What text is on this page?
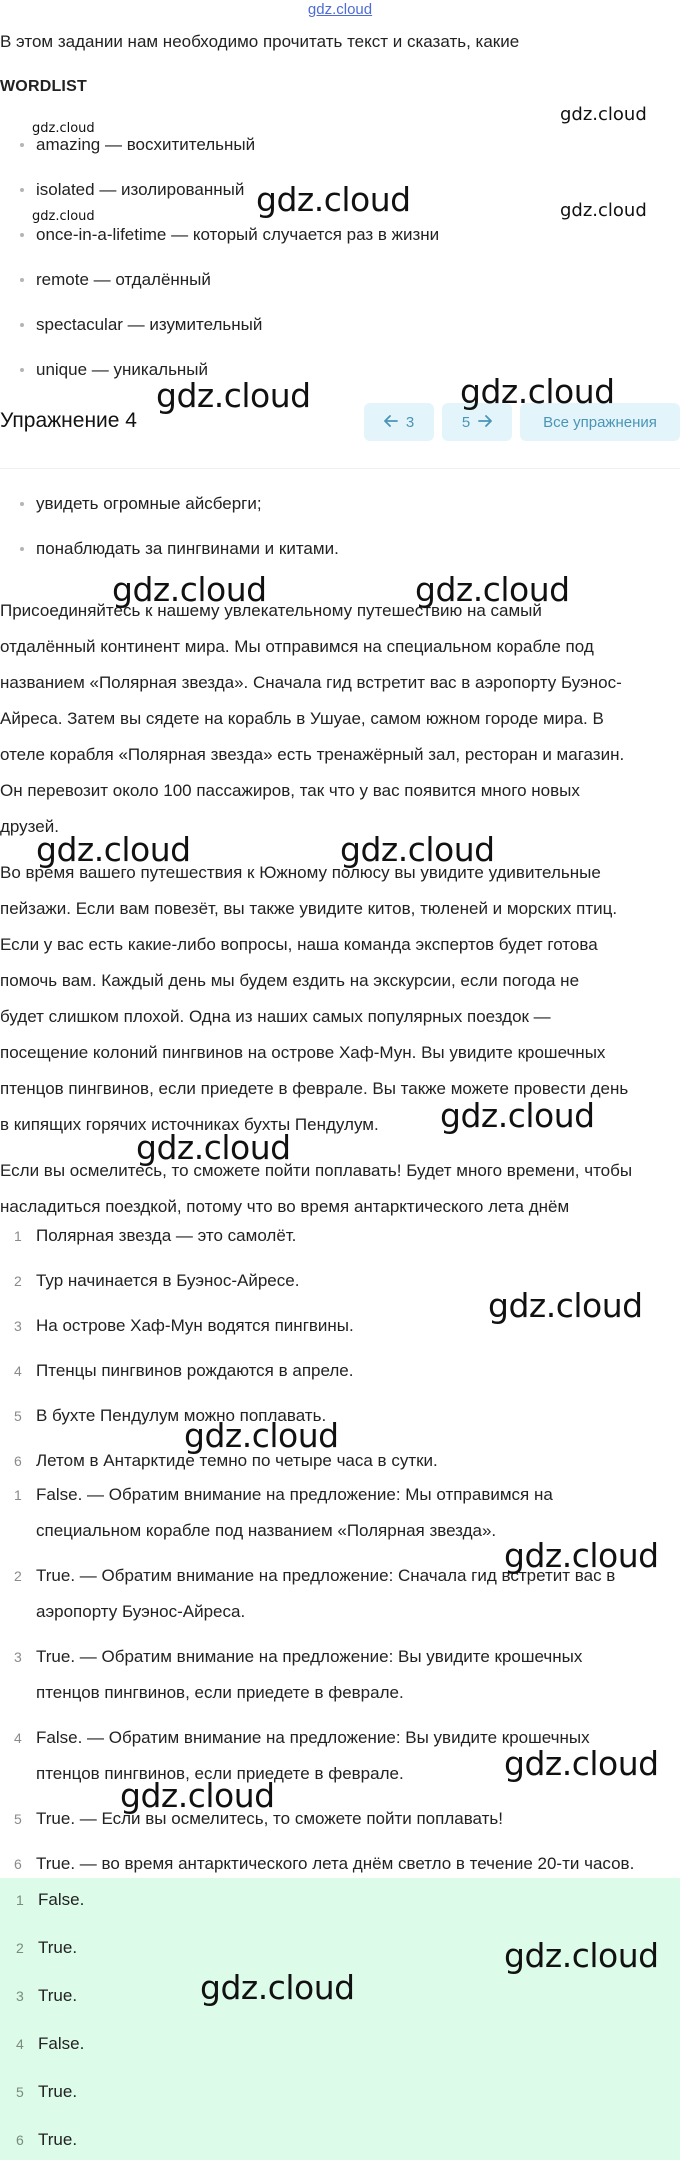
gdz.cloud
В этом задании нам необходимо прочитать текст и сказать, какие
WORDLIST
amazing — восхитительный
isolated — изолированный
once-in-a-lifetime — который случается раз в жизни
remote — отдалённый
spectacular — изумительный
unique — уникальный
Упражнение 4	3	5	Все упражнения
увидеть огромные айсберги;
понаблюдать за пингвинами и китами.
Присоединяйтесь к нашему увлекательному путешествию на самый
отдалённый континент мира. Мы отправимся на специальном корабле под
названием «Полярная звезда». Сначала гид встретит вас в аэропорту Буэнос-
Айреса. Затем вы сядете на корабль в Ушуае, самом южном городе мира. В
отеле корабля «Полярная звезда» есть тренажёрный зал, ресторан и магазин.
Он перевозит около 100 пассажиров, так что у вас появится много новых
друзей.
Во время вашего путешествия к Южному полюсу вы увидите удивительные
пейзажи. Если вам повезёт, вы также увидите китов, тюленей и морских птиц.
Если у вас есть какие-либо вопросы, наша команда экспертов будет готова
помочь вам. Каждый день мы будем ездить на экскурсии, если погода не
будет слишком плохой. Одна из наших самых популярных поездок —
посещение колоний пингвинов на острове Хаф-Мун. Вы увидите крошечных
птенцов пингвинов, если приедете в феврале. Вы также можете провести день
в кипящих горячих источниках бухты Пендулум.
Если вы осмелитесь, то сможете пойти поплавать! Будет много времени, чтобы
насладиться поездкой, потому что во время антарктического лета днём
1 Полярная звезда — это самолёт.
2 Тур начинается в Буэнос-Айресе.
3 На острове Хаф-Мун водятся пингвины.
4 Птенцы пингвинов рождаются в апреле.
5 В бухте Пендулум можно поплавать.
6 Летом в Антарктиде темно по четыре часа в сутки.
1 False. — Обратим внимание на предложение: Мы отправимся на
специальном корабле под названием «Полярная звезда».
2 True. — Обратим внимание на предложение: Сначала гид встретит вас в
аэропорту Буэнос-Айреса.
3 True. — Обратим внимание на предложение: Вы увидите крошечных
птенцов пингвинов, если приедете в феврале.
4 False. — Обратим внимание на предложение: Вы увидите крошечных
птенцов пингвинов, если приедете в феврале.
5 True. — Если вы осмелитесь, то сможете пойти поплавать!
6 True. — во время антарктического лета днём светло в течение 20-ти часов.
1 False.
2 True.
3 True.
4 False.
5 True.
6 True.
gdz.cloud
gdz.cloud
gdz.cloud
gdz.cloud
gdz.cloud
gdz.cloud	gdz.cloud
gdz.cloud	gdz.cloud
gdz.cloud	gdz.cloud
gdz.cloud
gdz.cloud
gdz.cloud
gdz.cloud
gdz.cloud
gdz.cloud
gdz.cloud
gdz.cloud
gdz.cloud
